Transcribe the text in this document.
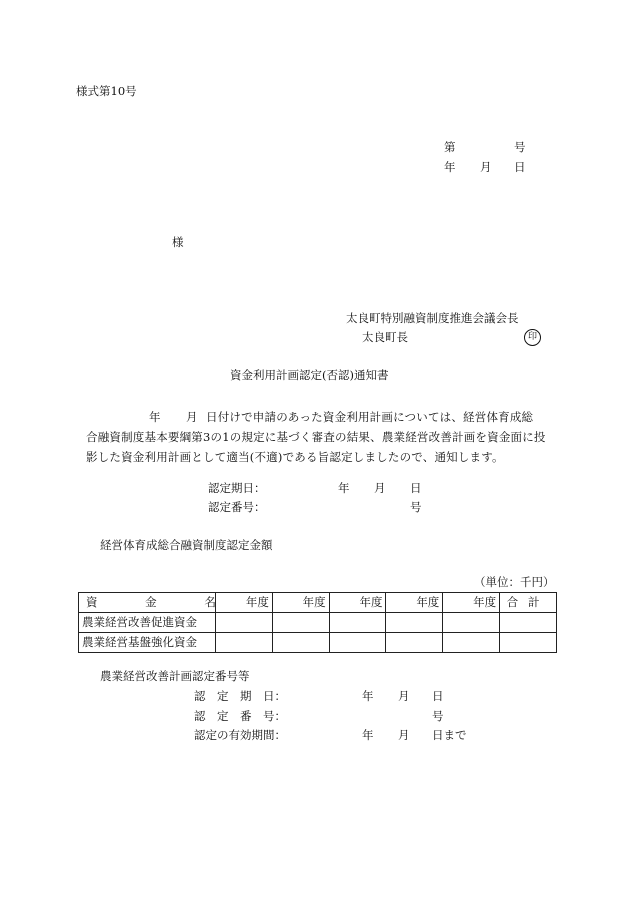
様式第10号
第	号
年 月 日
様
太良町特別融資制度推進会議会長
太良町長	印
資金利用計画認定(否認)通知書
年 月 日付けで申請のあった資金利用計画については、経営体育成総
合融資制度基本要綱第3の1の規定に基づく審査の結果、農業経営改善計画を資金面に投
影した資金利用計画として適当(不適)である旨認定しましたので、通知します。
認定期日：	年 月 日
認定番号：	号
経営体育成総合融資制度認定金額
（単位：千円）
資 金 名	年度	年度	年度	年度	年度	合計
農業経営改善促進資金						
農業経営基盤強化資金						
農業経営改善計画認定番号等
認　定　期　日：	年 月 日
認　定　番　号：	号
認定の有効期間：	年 月 日まで
